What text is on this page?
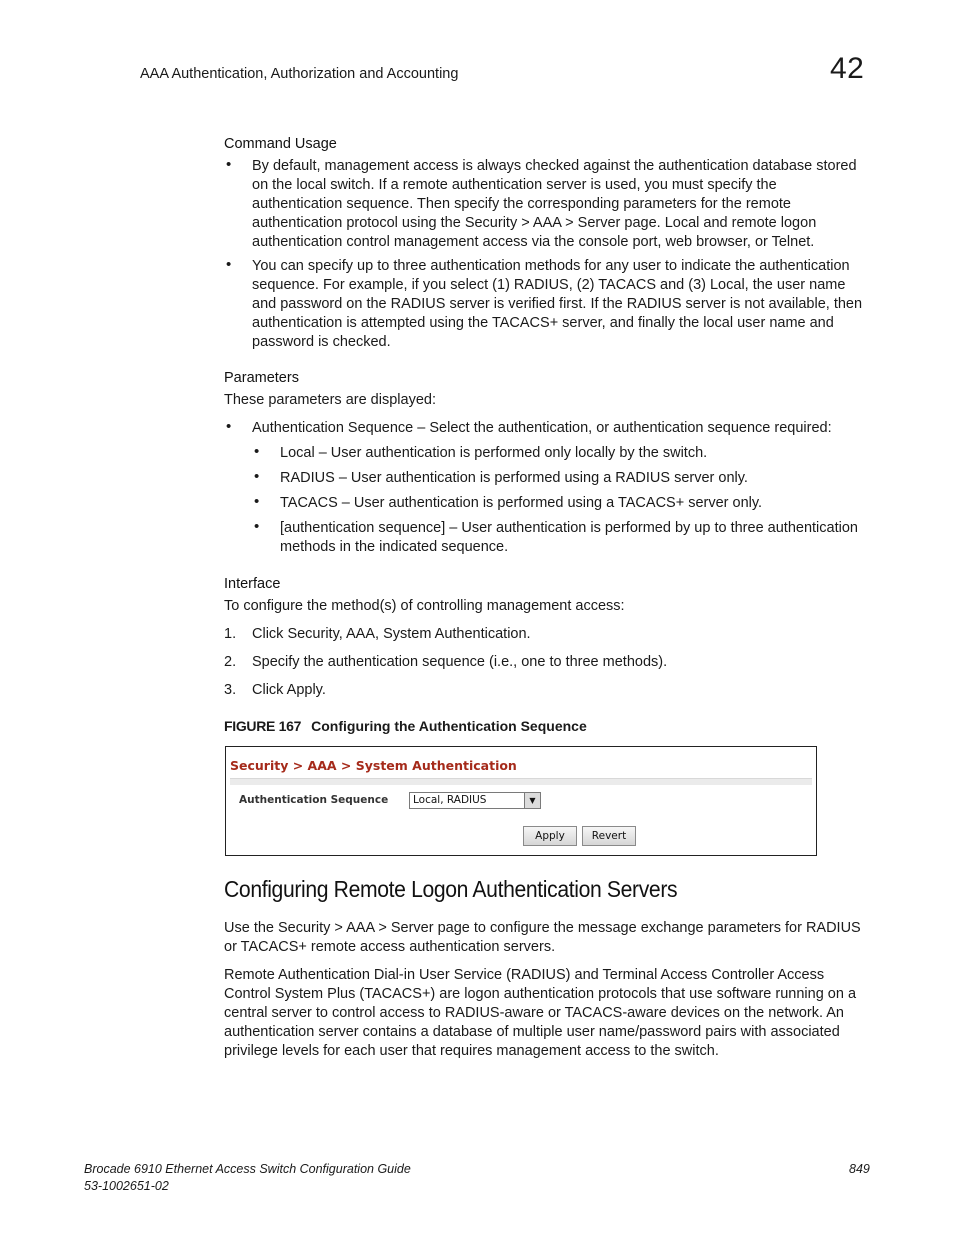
AAA Authentication, Authorization and Accounting	42
Command Usage
• By default, management access is always checked against the authentication database stored on the local switch. If a remote authentication server is used, you must specify the authentication sequence. Then specify the corresponding parameters for the remote authentication protocol using the Security > AAA > Server page. Local and remote logon authentication control management access via the console port, web browser, or Telnet.
• You can specify up to three authentication methods for any user to indicate the authentication sequence. For example, if you select (1) RADIUS, (2) TACACS and (3) Local, the user name and password on the RADIUS server is verified first. If the RADIUS server is not available, then authentication is attempted using the TACACS+ server, and finally the local user name and password is checked.
Parameters
These parameters are displayed:
• Authentication Sequence – Select the authentication, or authentication sequence required:
• Local – User authentication is performed only locally by the switch.
• RADIUS – User authentication is performed using a RADIUS server only.
• TACACS – User authentication is performed using a TACACS+ server only.
• [authentication sequence] – User authentication is performed by up to three authentication methods in the indicated sequence.
Interface
To configure the method(s) of controlling management access:
1. Click Security, AAA, System Authentication.
2. Specify the authentication sequence (i.e., one to three methods).
3. Click Apply.
FIGURE 167 Configuring the Authentication Sequence
Security > AAA > System Authentication
Authentication Sequence	Local, RADIUS	▼
Apply	Revert
Configuring Remote Logon Authentication Servers
Use the Security > AAA > Server page to configure the message exchange parameters for RADIUS or TACACS+ remote access authentication servers.
Remote Authentication Dial-in User Service (RADIUS) and Terminal Access Controller Access Control System Plus (TACACS+) are logon authentication protocols that use software running on a central server to control access to RADIUS-aware or TACACS-aware devices on the network. An authentication server contains a database of multiple user name/password pairs with associated privilege levels for each user that requires management access to the switch.
Brocade 6910 Ethernet Access Switch Configuration Guide
53-1002651-02
849
